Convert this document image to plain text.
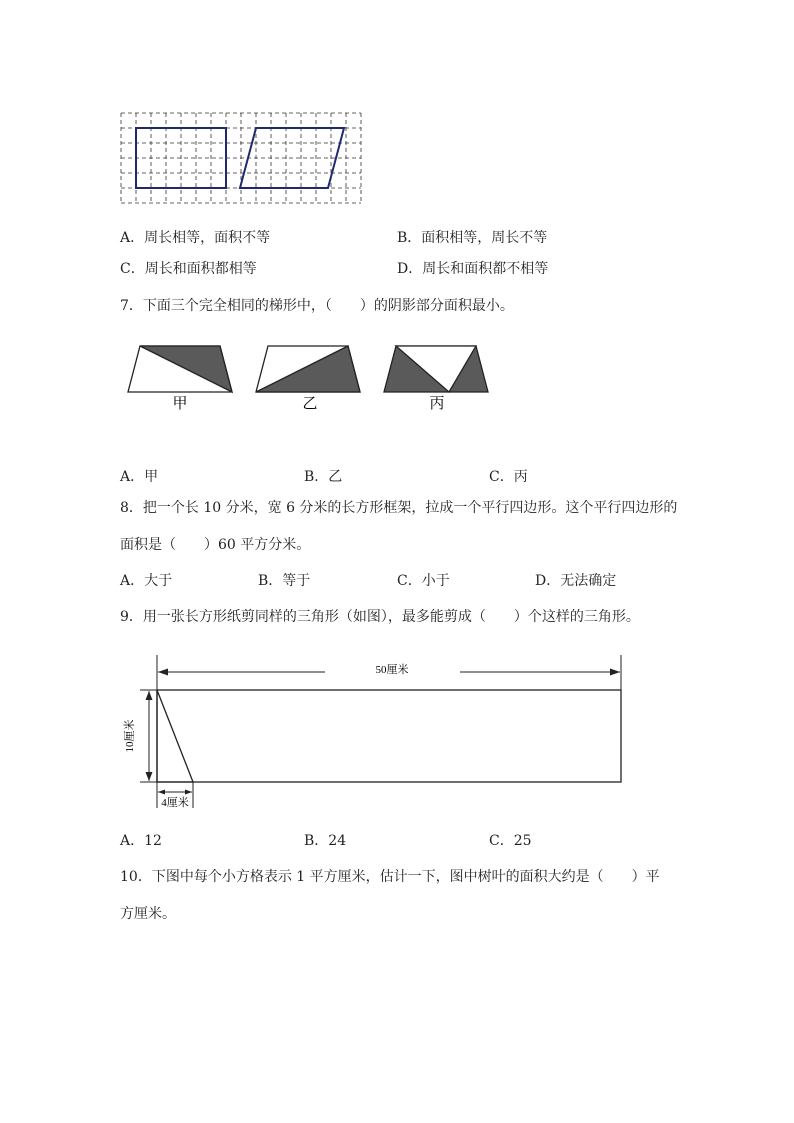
A．周长相等，面积不等	B．面积相等，周长不等
C．周长和面积都相等	D．周长和面积都不相等
7．下面三个完全相同的梯形中，（　　）的阴影部分面积最小。
甲	乙	丙
A．甲	B．乙	C．丙
8．把一个长 10 分米，宽 6 分米的长方形框架，拉成一个平行四边形。这个平行四边形的
面积是（　　）60 平方分米。
A．大于	B．等于	C．小于	D．无法确定
9．用一张长方形纸剪同样的三角形（如图），最多能剪成（　　）个这样的三角形。
50厘米
10厘米
4厘米
A．12	B．24	C．25
10．下图中每个小方格表示 1 平方厘米，估计一下，图中树叶的面积大约是（　　）平
方厘米。
